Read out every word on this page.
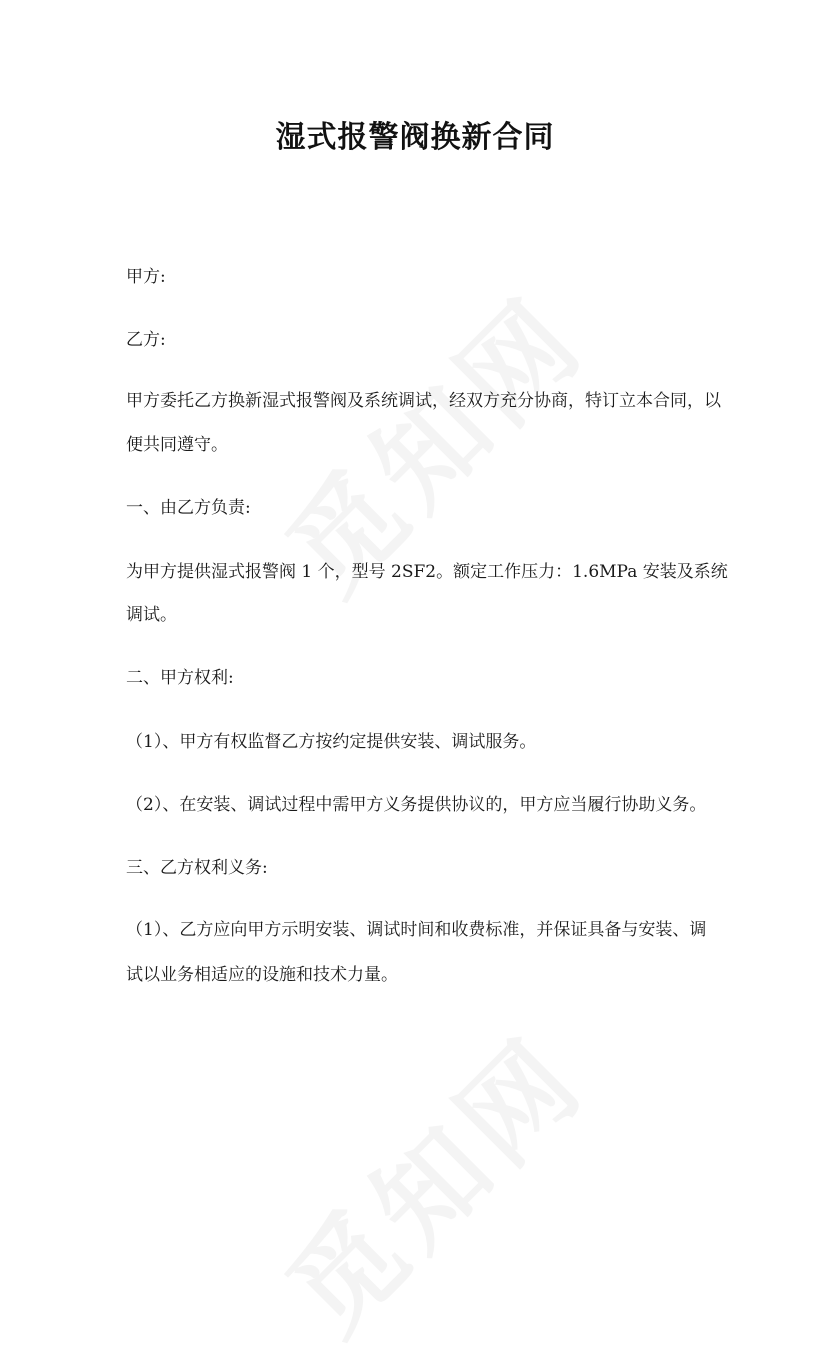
湿式报警阀换新合同
甲方:
乙方:
甲方委托乙方换新湿式报警阀及系统调试，经双方充分协商，特订立本合同，以
便共同遵守。
一、由乙方负责:
为甲方提供湿式报警阀 1 个，型号 2SF2。额定工作压力：1.6MPa 安装及系统
调试。
二、甲方权利:
（1）、甲方有权监督乙方按约定提供安装、调试服务。
（2）、在安装、调试过程中需甲方义务提供协议的，甲方应当履行协助义务。
三、乙方权利义务:
（1）、乙方应向甲方示明安装、调试时间和收费标准，并保证具备与安装、调
试以业务相适应的设施和技术力量。
